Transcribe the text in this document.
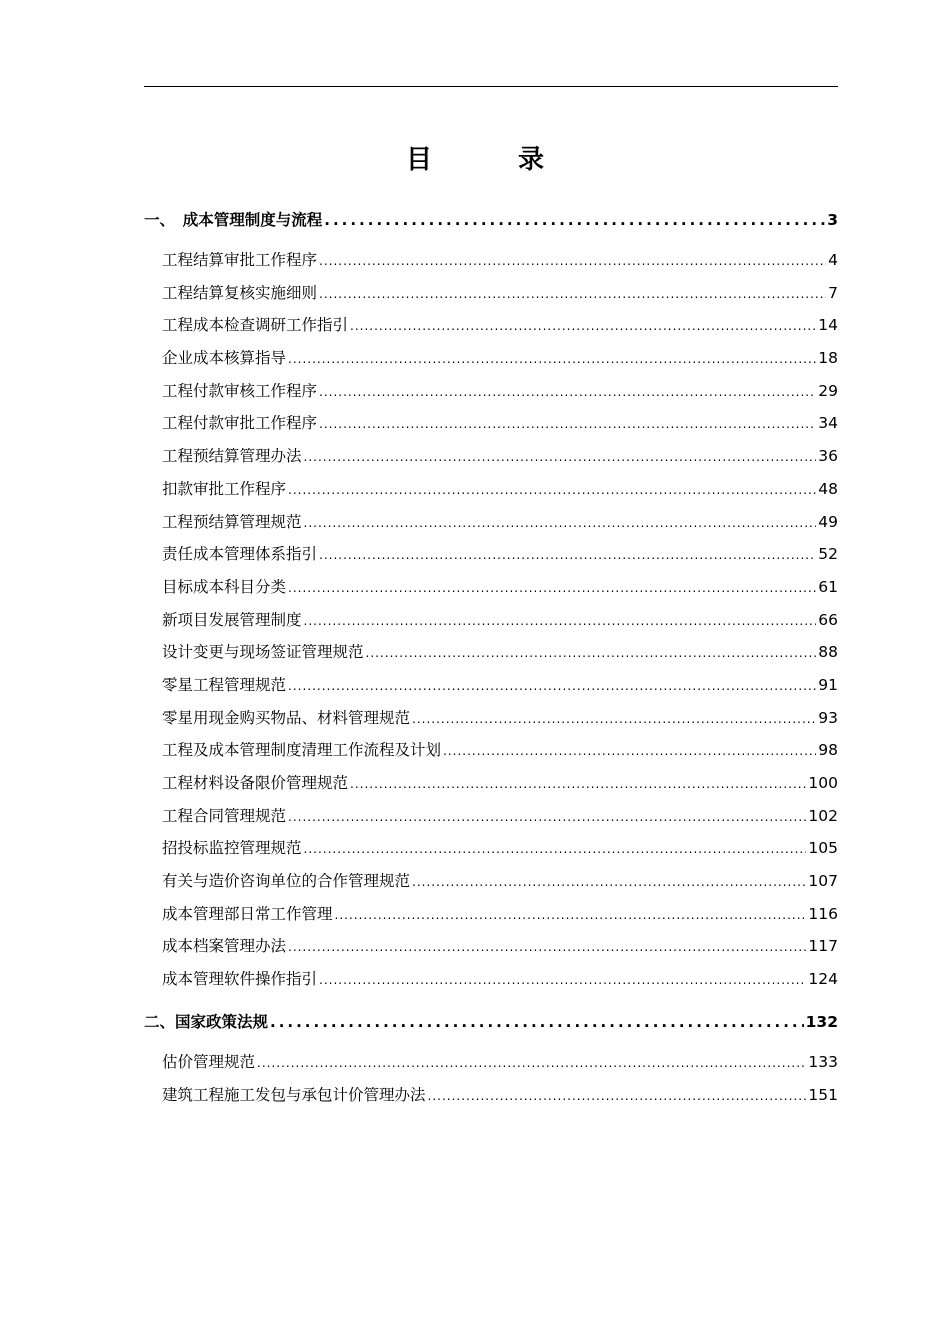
目　录
一、　成本管理制度与流程 .....	3
工程结算审批工作程序 .....	4
工程结算复核实施细则 .....	7
工程成本检查调研工作指引 .....	14
企业成本核算指导 .....	18
工程付款审核工作程序 .....	29
工程付款审批工作程序 .....	34
工程预结算管理办法 .....	36
扣款审批工作程序 .....	48
工程预结算管理规范 .....	49
责任成本管理体系指引 .....	52
目标成本科目分类 .....	61
新项目发展管理制度 .....	66
设计变更与现场签证管理规范 .....	88
零星工程管理规范 .....	91
零星用现金购买物品、材料管理规范 .....	93
工程及成本管理制度清理工作流程及计划 .....	98
工程材料设备限价管理规范 .....	100
工程合同管理规范 .....	102
招投标监控管理规范 .....	105
有关与造价咨询单位的合作管理规范 .....	107
成本管理部日常工作管理 .....	116
成本档案管理办法 .....	117
成本管理软件操作指引 .....	124
二、国家政策法规 .....	132
估价管理规范 .....	133
建筑工程施工发包与承包计价管理办法 .....	151
